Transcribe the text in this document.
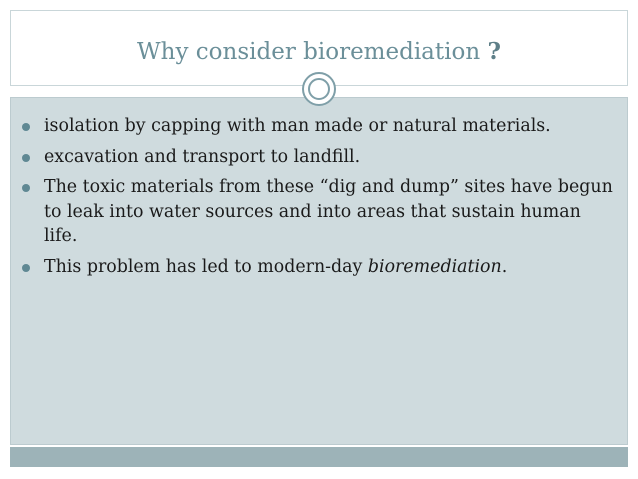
Why consider bioremediation ?
isolation by capping with man made or natural materials.
excavation and transport to landfill.
The toxic materials from these “dig and dump” sites have begun to leak into water sources and into areas that sustain human life.
This problem has led to modern-day bioremediation.
